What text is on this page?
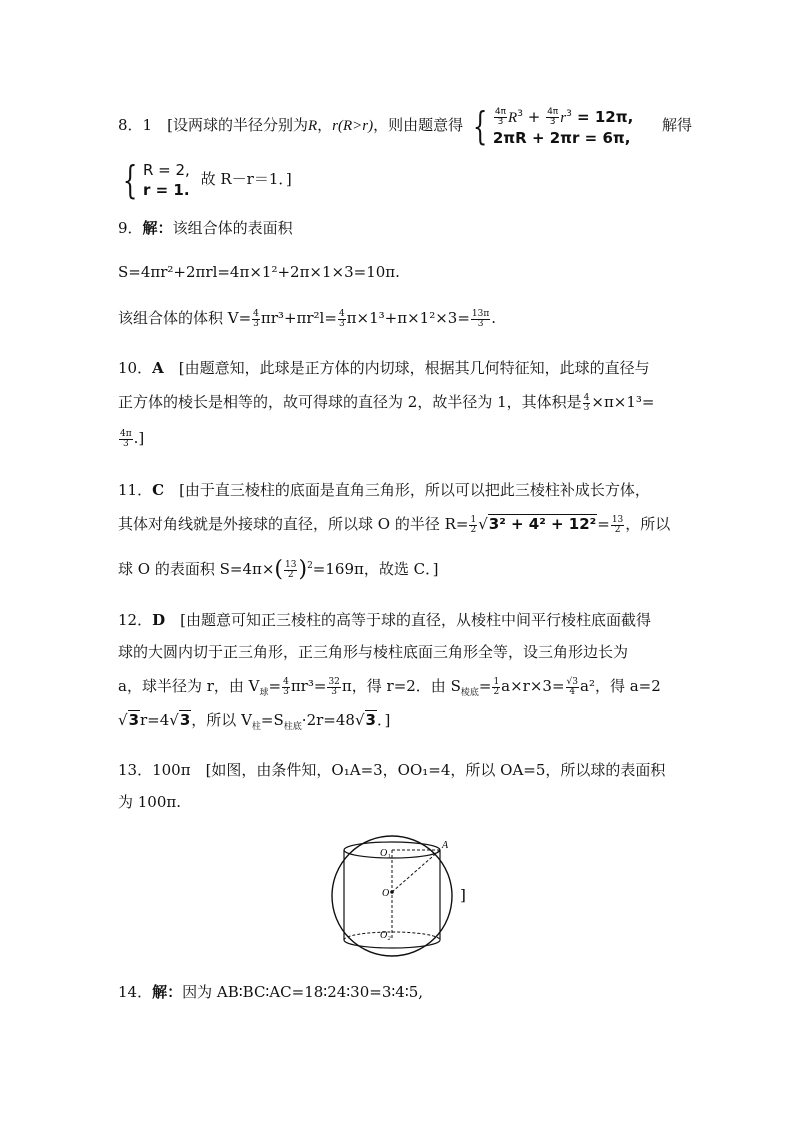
8．1　[设两球的半径分别为R，r(R>r)，则由题意得 { $\frac{4\pi}{3} R^3 + \frac{4\pi}{3} r^3 = 12\pi$,
2πR + 2πr = 6π,
解得
{ R = 2,
r = 1.
故 R－r＝1．]
9．解：该组合体的表面积
S=4πr²+2πrl=4π×1²+2π×1×3=10π.
该组合体的体积 $V= \frac{4}{3} \pi r^3+\pi r^2l= \frac{4}{3} \pi\times 1^3+\pi\times 1^2\times 3= \frac{13\pi}{3}$ .
10．A　 [由题意知，此球是正方体的内切球，根据其几何特征知，此球的直径与
正方体的棱长是相等的，故可得球的直径为 2，故半径为 1，其体积是 $\frac{4}{3} \times\pi\times 1^3=$
$\frac{4\pi}{3}$ .]
11．C　 [由于直三棱柱的底面是直角三角形，所以可以把此三棱柱补成长方体，
其体对角线就是外接球的直径，所以球 O 的半径 $R= \frac{1}{2} √3^2 + 4^2 + 12^2= \frac{13}{2}$ ，所以
球 O 的表面积 $S=4\pi\times( \frac{13}{2} )^2=169\pi$，故选 C．]
12．D　 [由题意可知正三棱柱的高等于球的直径，从棱柱中间平行棱柱底面截得
球的大圆内切于正三角形，正三角形与棱柱底面三角形全等，设三角形边长为
a，球半径为 r，由 $V_球= \frac{4}{3} \pi r^3= \frac{32}{3}$ π，得 r=2．由 $S_{棱底}= \frac{1}{2} a\times r\times 3= \frac{√3}{4} a^2$，得 a=2
√3r=4√3，所以 $V_柱=S_{柱底}\cdot 2r=48√3$．]
13．100π　[如图，由条件知，O₁A=3，OO₁=4，所以 OA=5，所以球的表面积
为 100π.
O₁
A
O
O₂
]
14．解：因为 AB∶BC∶AC=18∶24∶30=3∶4∶5,
